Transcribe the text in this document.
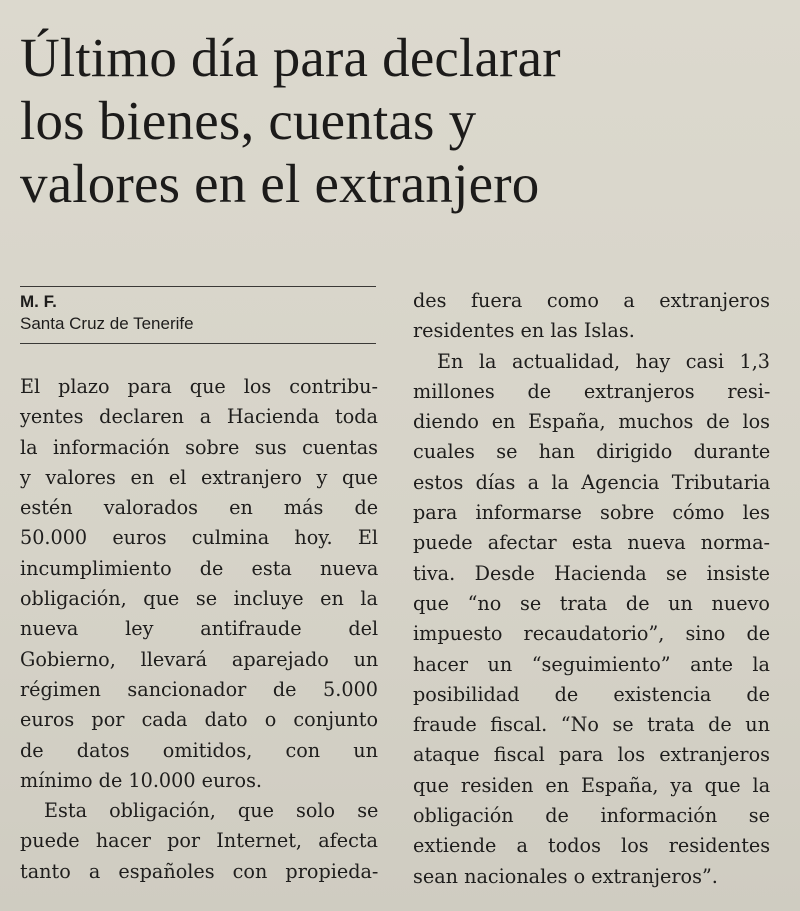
Último día para declarar
los bienes, cuentas y
valores en el extranjero
M. F.
Santa Cruz de Tenerife
El plazo para que los contribu-
yentes declaren a Hacienda toda
la información sobre sus cuentas
y valores en el extranjero y que
estén valorados en más de
50.000 euros culmina hoy. El
incumplimiento de esta nueva
obligación, que se incluye en la
nueva ley antifraude del
Gobierno, llevará aparejado un
régimen sancionador de 5.000
euros por cada dato o conjunto
de datos omitidos, con un
mínimo de 10.000 euros.
Esta obligación, que solo se
puede hacer por Internet, afecta
tanto a españoles con propieda-
des fuera como a extranjeros
residentes en las Islas.
En la actualidad, hay casi 1,3
millones de extranjeros resi-
diendo en España, muchos de los
cuales se han dirigido durante
estos días a la Agencia Tributaria
para informarse sobre cómo les
puede afectar esta nueva norma-
tiva. Desde Hacienda se insiste
que “no se trata de un nuevo
impuesto recaudatorio”, sino de
hacer un “seguimiento” ante la
posibilidad de existencia de
fraude fiscal. “No se trata de un
ataque fiscal para los extranjeros
que residen en España, ya que la
obligación de información se
extiende a todos los residentes
sean nacionales o extranjeros”.
